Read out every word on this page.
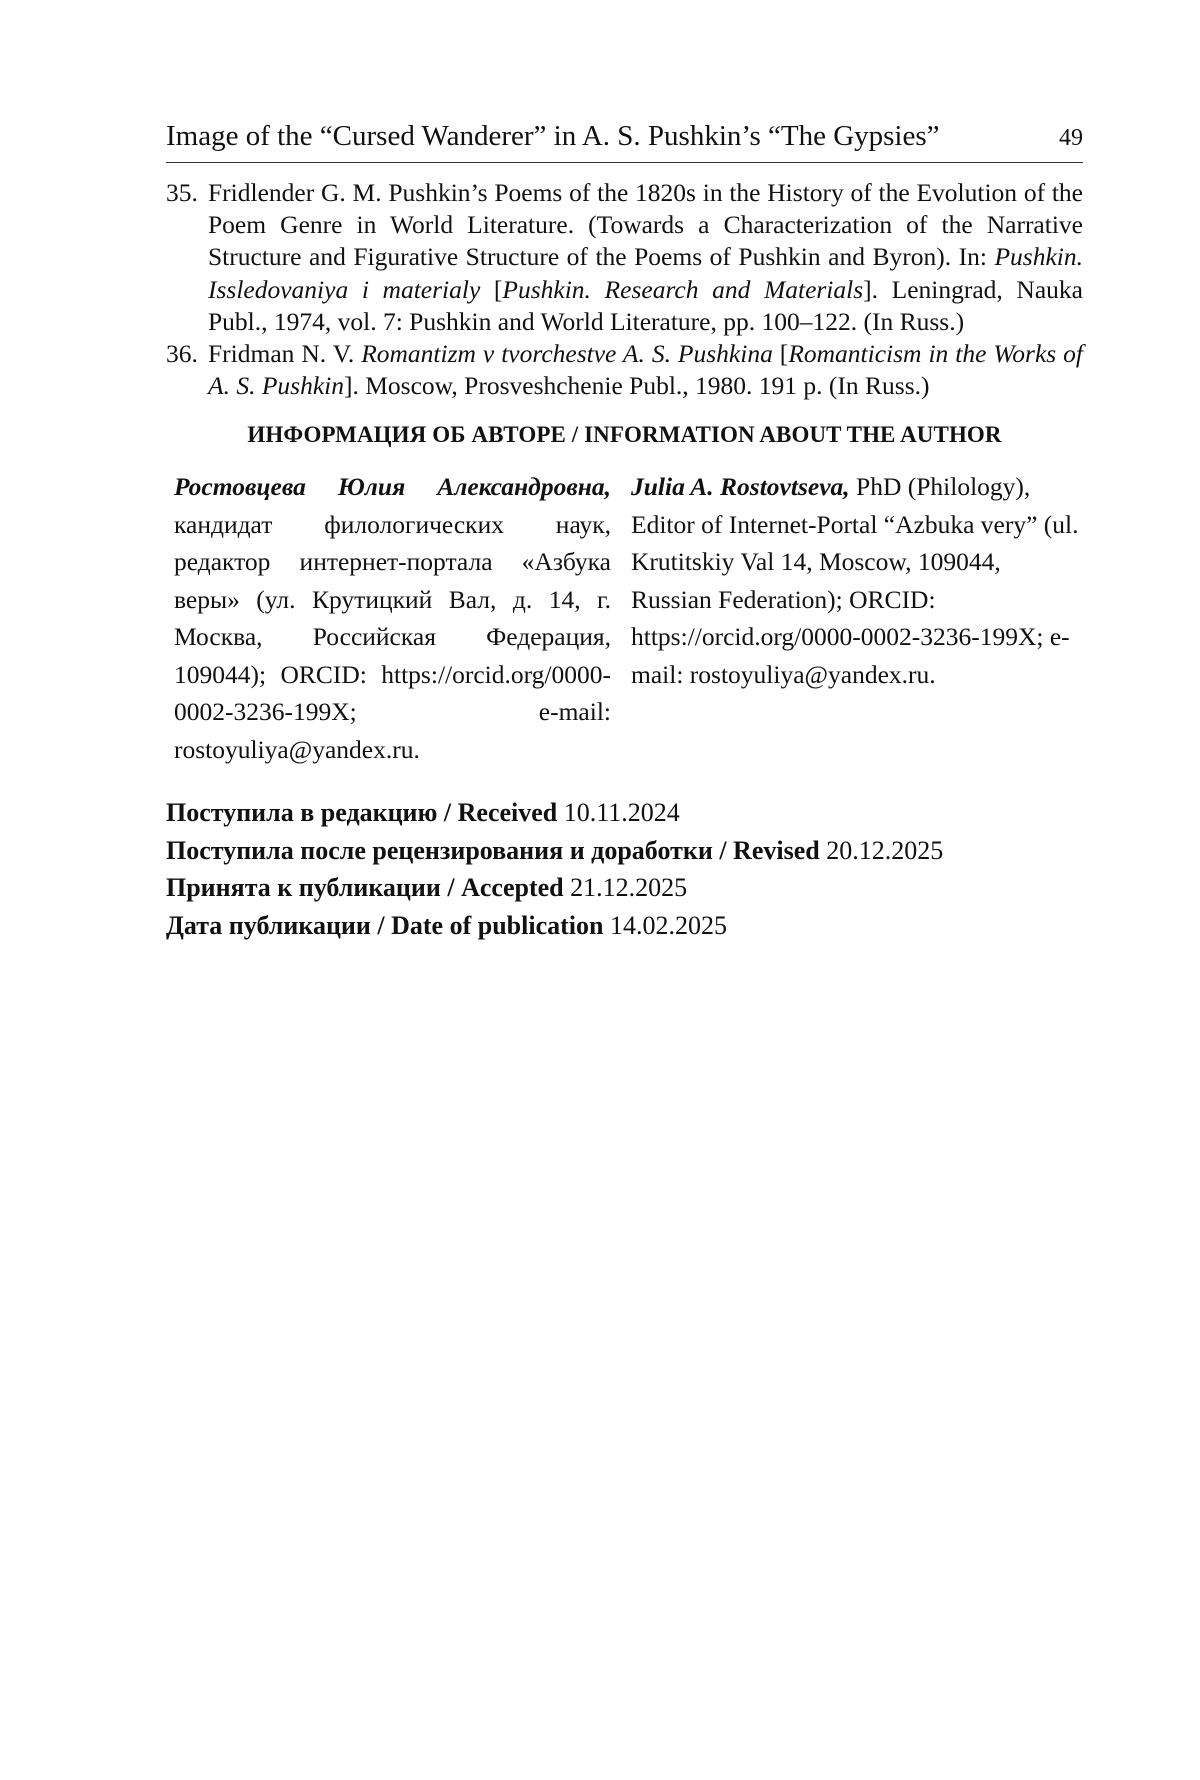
Image of the “Cursed Wanderer” in A. S. Pushkin’s “The Gypsies”	49
35. Fridlender G. M. Pushkin’s Poems of the 1820s in the History of the Evolution of the Poem Genre in World Literature. (Towards a Characterization of the Narrative Structure and Figurative Structure of the Poems of Pushkin and Byron). In: Pushkin. Issledovaniya i materialy [Pushkin. Research and Materials]. Leningrad, Nauka Publ., 1974, vol. 7: Pushkin and World Literature, pp. 100–122. (In Russ.)
36. Fridman N. V. Romantizm v tvorchestve A. S. Pushkina [Romanticism in the Works of A. S. Pushkin]. Moscow, Prosveshchenie Publ., 1980. 191 p. (In Russ.)
ИНФОРМАЦИЯ ОБ АВТОРЕ / INFORMATION ABOUT THE AUTHOR
Ростовцева Юлия Александровна, кандидат филологических наук, редактор интернет-портала «Азбука веры» (ул. Крутицкий Вал, д. 14, г. Москва, Российская Федерация, 109044); ORCID: https://orcid.org/0000-0002-3236-199X; e-mail: rostoyuliya@yandex.ru.
Julia A. Rostovtseva, PhD (Philology), Editor of Internet-Portal “Azbuka very” (ul. Krutitskiy Val 14, Moscow, 109044, Russian Federation); ORCID: https://orcid.org/0000-0002-3236-199X; e-mail: rostoyuliya@yandex.ru.
Поступила в редакцию / Received 10.11.2024
Поступила после рецензирования и доработки / Revised 20.12.2025
Принята к публикации / Accepted 21.12.2025
Дата публикации / Date of publication 14.02.2025
